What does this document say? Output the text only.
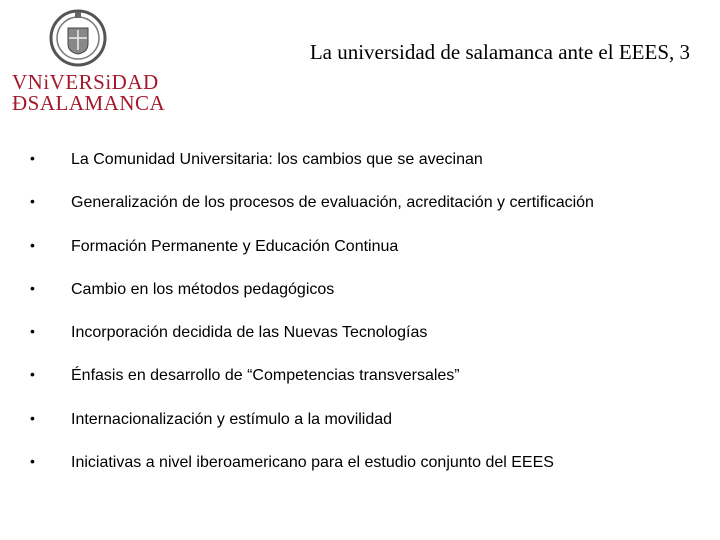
VNiVERSiDAD
ÐSALAMANCA
La universidad de salamanca ante el EEES, 3
• La Comunidad Universitaria: los cambios que se avecinan
• Generalización de los procesos de evaluación, acreditación y certificación
• Formación Permanente y Educación Continua
• Cambio en los métodos pedagógicos
• Incorporación decidida de las Nuevas Tecnologías
• Énfasis en desarrollo de “Competencias transversales”
• Internacionalización y estímulo a la movilidad
• Iniciativas a nivel iberoamericano para el estudio conjunto del EEES
